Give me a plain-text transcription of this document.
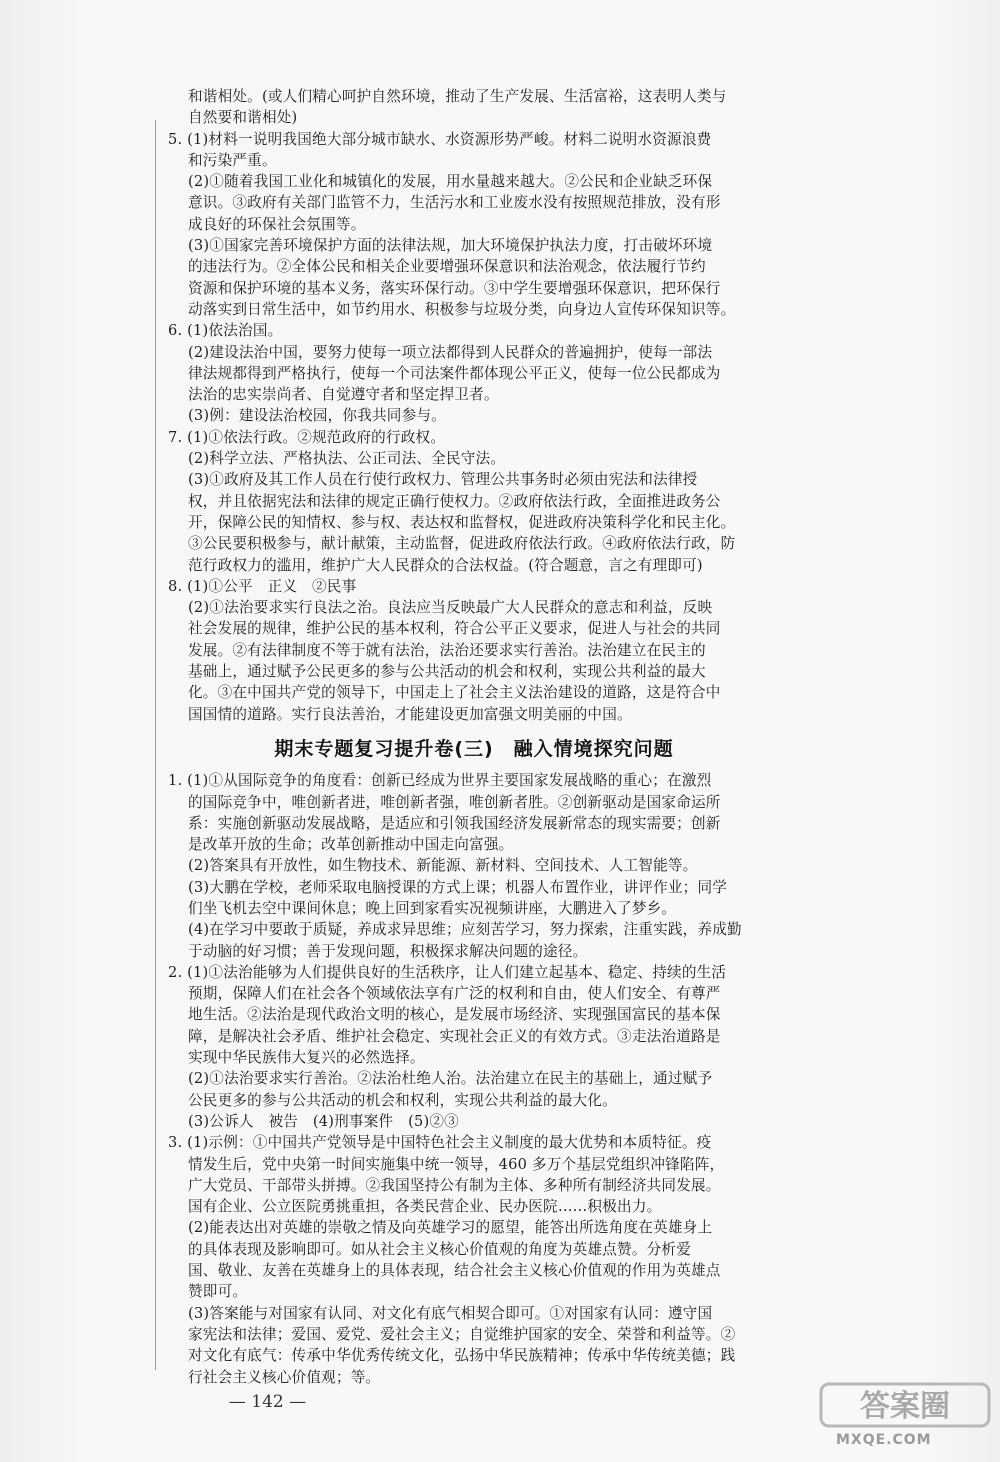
和谐相处。(或人们精心呵护自然环境，推动了生产发展、生活富裕，这表明人类与
自然要和谐相处)
5. (1)材料一说明我国绝大部分城市缺水、水资源形势严峻。材料二说明水资源浪费
和污染严重。
(2)①随着我国工业化和城镇化的发展，用水量越来越大。②公民和企业缺乏环保
意识。③政府有关部门监管不力，生活污水和工业废水没有按照规范排放，没有形
成良好的环保社会氛围等。
(3)①国家完善环境保护方面的法律法规，加大环境保护执法力度，打击破坏环境
的违法行为。②全体公民和相关企业要增强环保意识和法治观念，依法履行节约
资源和保护环境的基本义务，落实环保行动。③中学生要增强环保意识，把环保行
动落实到日常生活中，如节约用水、积极参与垃圾分类，向身边人宣传环保知识等。
6. (1)依法治国。
(2)建设法治中国，要努力使每一项立法都得到人民群众的普遍拥护，使每一部法
律法规都得到严格执行，使每一个司法案件都体现公平正义，使每一位公民都成为
法治的忠实崇尚者、自觉遵守者和坚定捍卫者。
(3)例：建设法治校园，你我共同参与。
7. (1)①依法行政。②规范政府的行政权。
(2)科学立法、严格执法、公正司法、全民守法。
(3)①政府及其工作人员在行使行政权力、管理公共事务时必须由宪法和法律授
权，并且依据宪法和法律的规定正确行使权力。②政府依法行政，全面推进政务公
开，保障公民的知情权、参与权、表达权和监督权，促进政府决策科学化和民主化。
③公民要积极参与，献计献策，主动监督，促进政府依法行政。④政府依法行政，防
范行政权力的滥用，维护广大人民群众的合法权益。(符合题意，言之有理即可)
8. (1)①公平　正义　②民事
(2)①法治要求实行良法之治。良法应当反映最广大人民群众的意志和利益，反映
社会发展的规律，维护公民的基本权利，符合公平正义要求，促进人与社会的共同
发展。②有法律制度不等于就有法治，法治还要求实行善治。法治建立在民主的
基础上，通过赋予公民更多的参与公共活动的机会和权利，实现公共利益的最大
化。③在中国共产党的领导下，中国走上了社会主义法治建设的道路，这是符合中
国国情的道路。实行良法善治，才能建设更加富强文明美丽的中国。
期末专题复习提升卷(三)　融入情境探究问题
1. (1)①从国际竞争的角度看：创新已经成为世界主要国家发展战略的重心；在激烈
的国际竞争中，唯创新者进，唯创新者强，唯创新者胜。②创新驱动是国家命运所
系：实施创新驱动发展战略，是适应和引领我国经济发展新常态的现实需要；创新
是改革开放的生命；改革创新推动中国走向富强。
(2)答案具有开放性，如生物技术、新能源、新材料、空间技术、人工智能等。
(3)大鹏在学校，老师采取电脑授课的方式上课；机器人布置作业，讲评作业；同学
们坐飞机去空中课间休息；晚上回到家看实况视频讲座，大鹏进入了梦乡。
(4)在学习中要敢于质疑，养成求异思维；应刻苦学习，努力探索，注重实践，养成勤
于动脑的好习惯；善于发现问题，积极探求解决问题的途径。
2. (1)①法治能够为人们提供良好的生活秩序，让人们建立起基本、稳定、持续的生活
预期，保障人们在社会各个领域依法享有广泛的权利和自由，使人们安全、有尊严
地生活。②法治是现代政治文明的核心，是发展市场经济、实现强国富民的基本保
障，是解决社会矛盾、维护社会稳定、实现社会正义的有效方式。③走法治道路是
实现中华民族伟大复兴的必然选择。
(2)①法治要求实行善治。②法治杜绝人治。法治建立在民主的基础上，通过赋予
公民更多的参与公共活动的机会和权利，实现公共利益的最大化。
(3)公诉人　被告　(4)刑事案件　(5)②③
3. (1)示例：①中国共产党领导是中国特色社会主义制度的最大优势和本质特征。疫
情发生后，党中央第一时间实施集中统一领导，460 多万个基层党组织冲锋陷阵，
广大党员、干部带头拼搏。②我国坚持公有制为主体、多种所有制经济共同发展。
国有企业、公立医院勇挑重担，各类民营企业、民办医院……积极出力。
(2)能表达出对英雄的崇敬之情及向英雄学习的愿望，能答出所选角度在英雄身上
的具体表现及影响即可。如从社会主义核心价值观的角度为英雄点赞。分析爱
国、敬业、友善在英雄身上的具体表现，结合社会主义核心价值观的作用为英雄点
赞即可。
(3)答案能与对国家有认同、对文化有底气相契合即可。①对国家有认同：遵守国
家宪法和法律；爱国、爱党、爱社会主义；自觉维护国家的安全、荣誉和利益等。②
对文化有底气：传承中华优秀传统文化，弘扬中华民族精神；传承中华传统美德；践
行社会主义核心价值观；等。
— 142 —	答案圈
MXQE.COM
